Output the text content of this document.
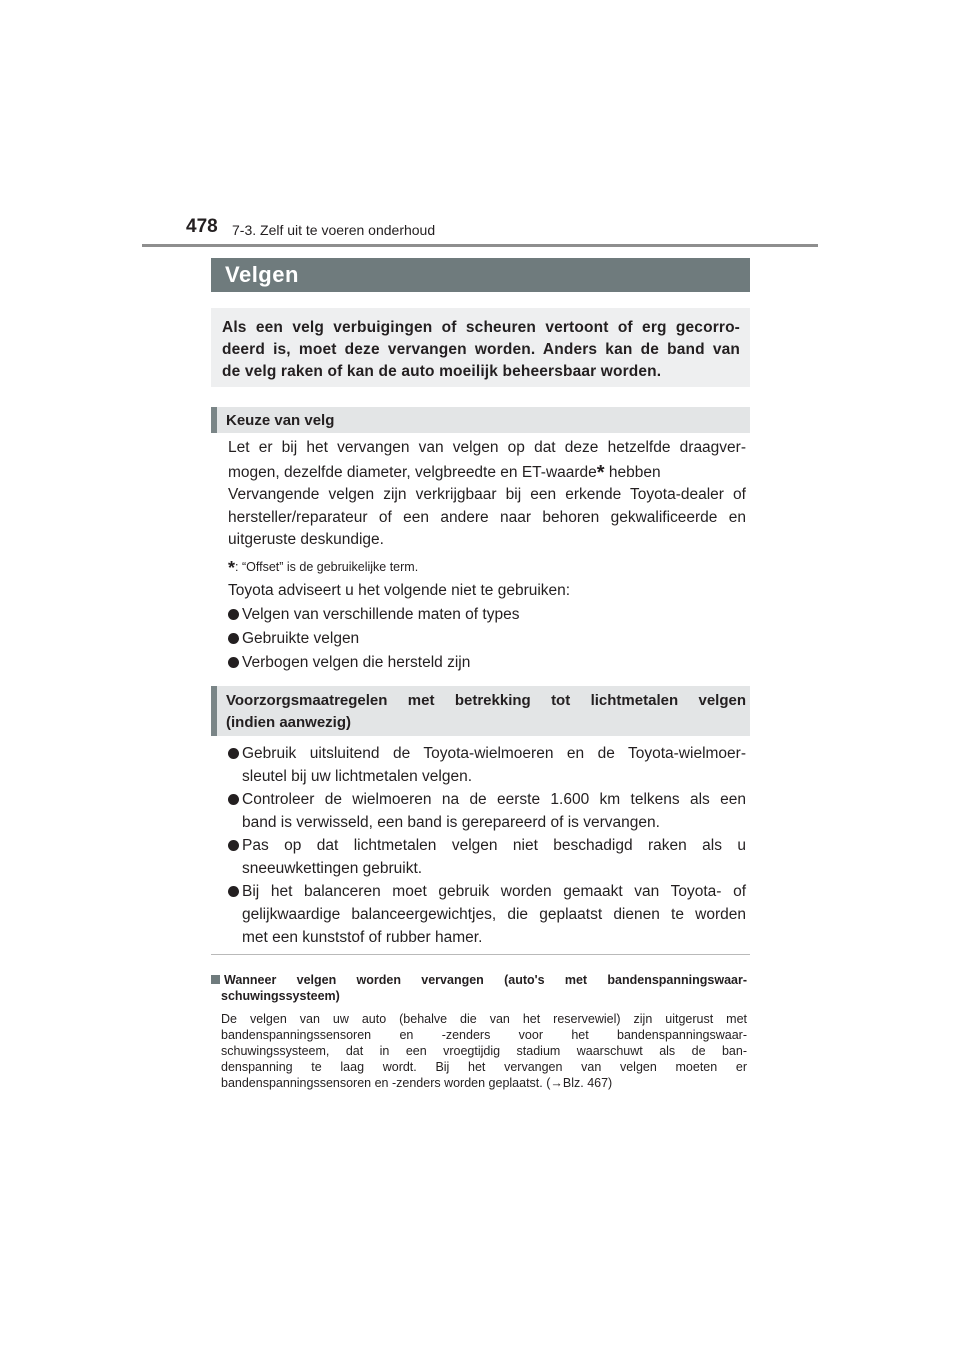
478 7-3. Zelf uit te voeren onderhoud
Velgen

Als een velg verbuigingen of scheuren vertoont of erg gecorro-
deerd is, moet deze vervangen worden. Anders kan de band van
de velg raken of kan de auto moeilijk beheersbaar worden.

Keuze van velg
Let er bij het vervangen van velgen op dat deze hetzelfde draagver-
mogen, dezelfde diameter, velgbreedte en ET-waarde* hebben
Vervangende velgen zijn verkrijgbaar bij een erkende Toyota-dealer of
hersteller/reparateur of een andere naar behoren gekwalificeerde en
uitgeruste deskundige.
*: “Offset” is de gebruikelijke term.
Toyota adviseert u het volgende niet te gebruiken:
Velgen van verschillende maten of types
Gebruikte velgen
Verbogen velgen die hersteld zijn
Voorzorgsmaatregelen met betrekking tot lichtmetalen velgen
(indien aanwezig)
Gebruik uitsluitend de Toyota-wielmoeren en de Toyota-wielmoer-
sleutel bij uw lichtmetalen velgen.
Controleer de wielmoeren na de eerste 1.600 km telkens als een
band is verwisseld, een band is gerepareerd of is vervangen.
Pas op dat lichtmetalen velgen niet beschadigd raken als u
sneeuwkettingen gebruikt.
Bij het balanceren moet gebruik worden gemaakt van Toyota- of
gelijkwaardige balanceergewichtjes, die geplaatst dienen te worden
met een kunststof of rubber hamer.
Wanneer velgen worden vervangen (auto's met bandenspanningswaar-
schuwingssysteem)
De velgen van uw auto (behalve die van het reservewiel) zijn uitgerust met
bandenspanningssensoren en -zenders voor het bandenspanningswaar-
schuwingssysteem, dat in een vroegtijdig stadium waarschuwt als de ban-
denspanning te laag wordt. Bij het vervangen van velgen moeten er
bandenspanningssensoren en -zenders worden geplaatst. (→Blz. 467)
